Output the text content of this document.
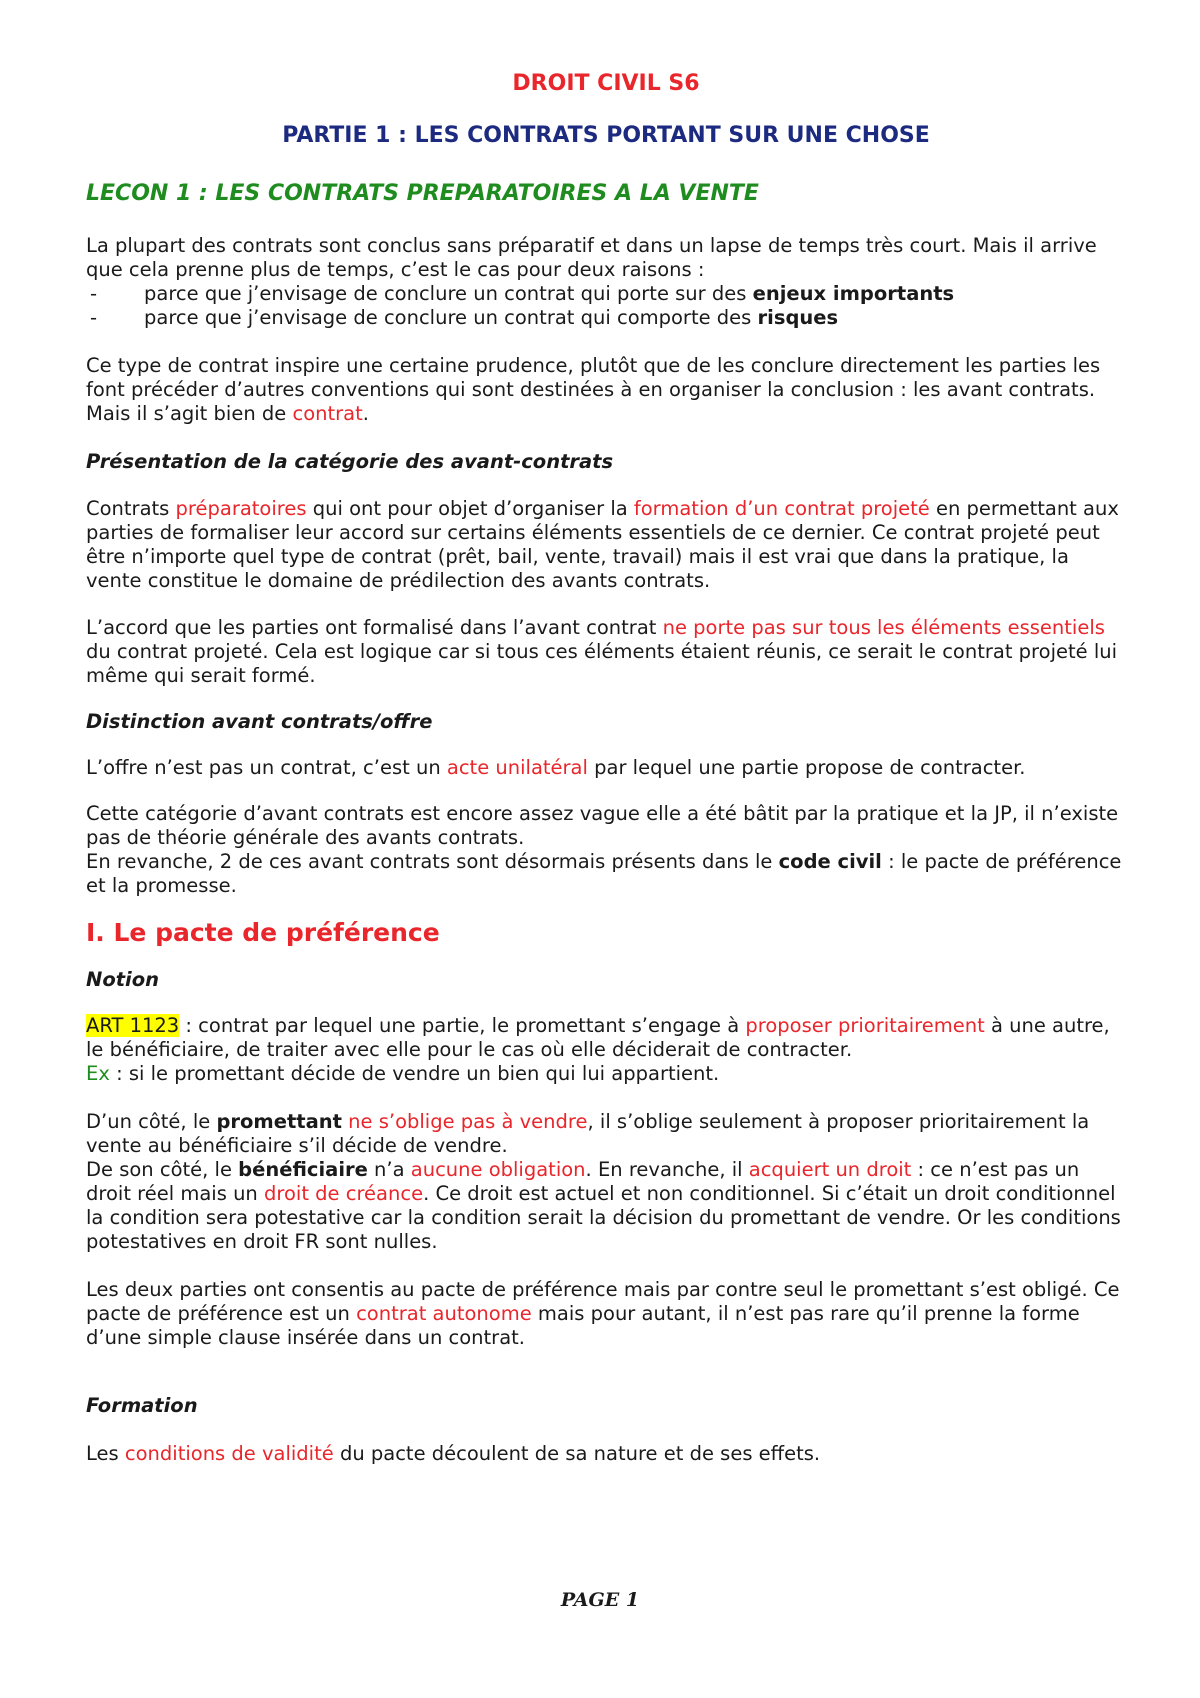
DROIT CIVIL S6
PARTIE 1 : LES CONTRATS PORTANT SUR UNE CHOSE
LECON 1 : LES CONTRATS PREPARATOIRES A LA VENTE

La plupart des contrats sont conclus sans préparatif et dans un lapse de temps très court. Mais il arrive que cela prenne plus de temps, c’est le cas pour deux raisons :

- parce que j’envisage de conclure un contrat qui porte sur des enjeux importants
- parce que j’envisage de conclure un contrat qui comporte des risques

Ce type de contrat inspire une certaine prudence, plutôt que de les conclure directement les parties les font précéder d’autres conventions qui sont destinées à en organiser la conclusion : les avant contrats. Mais il s’agit bien de contrat.

Présentation de la catégorie des avant-contrats

Contrats préparatoires qui ont pour objet d’organiser la formation d’un contrat projeté en permettant aux parties de formaliser leur accord sur certains éléments essentiels de ce dernier. Ce contrat projeté peut être n’importe quel type de contrat (prêt, bail, vente, travail) mais il est vrai que dans la pratique, la vente constitue le domaine de prédilection des avants contrats.

L’accord que les parties ont formalisé dans l’avant contrat ne porte pas sur tous les éléments essentiels du contrat projeté. Cela est logique car si tous ces éléments étaient réunis, ce serait le contrat projeté lui même qui serait formé.

Distinction avant contrats/offre

L’offre n’est pas un contrat, c’est un acte unilatéral par lequel une partie propose de contracter.

Cette catégorie d’avant contrats est encore assez vague elle a été bâtit par la pratique et la JP, il n’existe pas de théorie générale des avants contrats.

En revanche, 2 de ces avant contrats sont désormais présents dans le code civil : le pacte de préférence et la promesse.

I. Le pacte de préférence

Notion

ART 1123 : contrat par lequel une partie, le promettant s’engage à proposer prioritairement à une autre, le bénéficiaire, de traiter avec elle pour le cas où elle déciderait de contracter.

Ex : si le promettant décide de vendre un bien qui lui appartient.

D’un côté, le promettant ne s’oblige pas à vendre, il s’oblige seulement à proposer prioritairement la vente au bénéficiaire s’il décide de vendre.

De son côté, le bénéficiaire n’a aucune obligation. En revanche, il acquiert un droit : ce n’est pas un droit réel mais un droit de créance. Ce droit est actuel et non conditionnel. Si c’était un droit conditionnel la condition sera potestative car la condition serait la décision du promettant de vendre. Or les conditions potestatives en droit FR sont nulles.

Les deux parties ont consentis au pacte de préférence mais par contre seul le promettant s’est obligé. Ce pacte de préférence est un contrat autonome mais pour autant, il n’est pas rare qu’il prenne la forme d’une simple clause insérée dans un contrat.

Formation

Les conditions de validité du pacte découlent de sa nature et de ses effets.

PAGE 1
